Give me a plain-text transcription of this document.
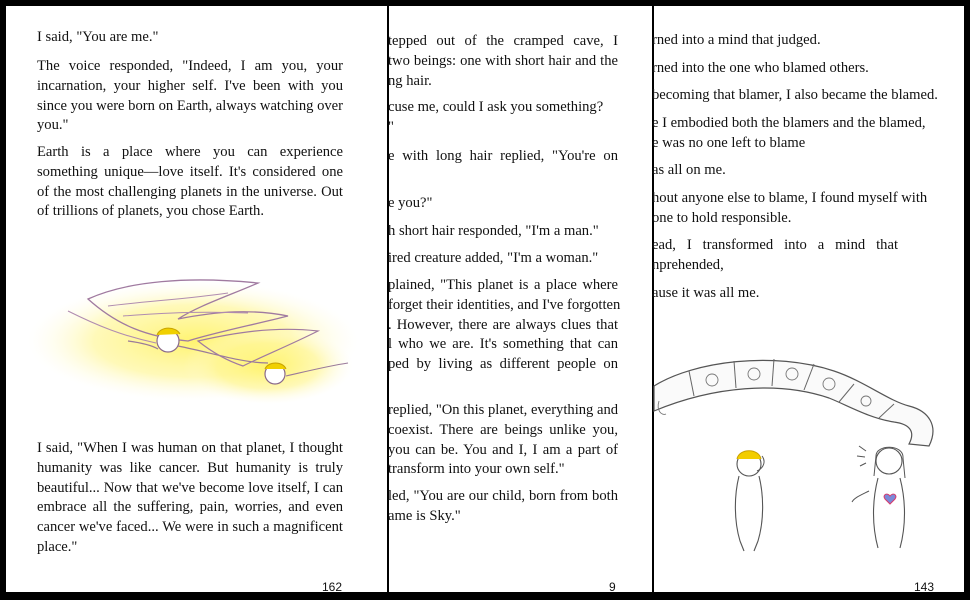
I said, "You are me."

The voice responded, "Indeed, I am you, your incarnation, your higher self. I've been with you since you were born on Earth, always watching over you."

Earth is a place where you can experience something unique—love itself. It's considered one of the most challenging planets in the universe. Out of trillions of planets, you chose Earth.

I said, "When I was human on that planet, I thought humanity was like cancer. But humanity is truly beautiful... Now that we've become love itself, I can embrace all the suffering, pain, worries, and even cancer we've faced... We were in such a magnificent place."

162

tepped out of the cramped cave, I
two beings: one with short hair and the
ng hair.

cuse me, could I ask you something?
"

e with long hair replied, "You're on

e you?"

h short hair responded, "I'm a man."

ired creature added, "I'm a woman."

plained, "This planet is a place where
forget their identities, and I've forgotten
. However, there are always clues that
l who we are. It's something that can
ped by living as different people on

replied, "On this planet, everything and
coexist. There are beings unlike you,
you can be. You and I, I am a part of
transform into your own self."

led, "You are our child, born from both
ame is Sky."

9

rned into a mind that judged.

rned into the one who blamed others.

becoming that blamer, I also became the blamed.

e I embodied both the blamers and the blamed,
e was no one left to blame

as all on me.

hout anyone else to blame, I found myself with
one to hold responsible.

ead,   I   transformed   into   a   mind   that
nprehended,

ause it was all me.

143
